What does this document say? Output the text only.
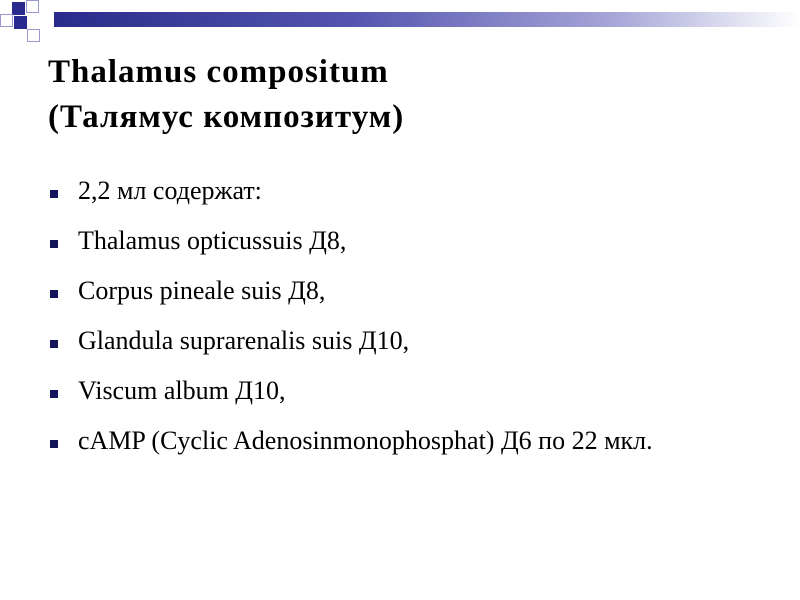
Thalamus compositum
(Талямус композитум)
2,2 мл содержат:
Thalamus opticussuis Д8,
Corpus pineale suis Д8,
Glandula suprarenalis suis Д10,
Viscum album Д10,
cAMP (Cyclic Adenosinmonophosphat) Д6 по 22 мкл.
